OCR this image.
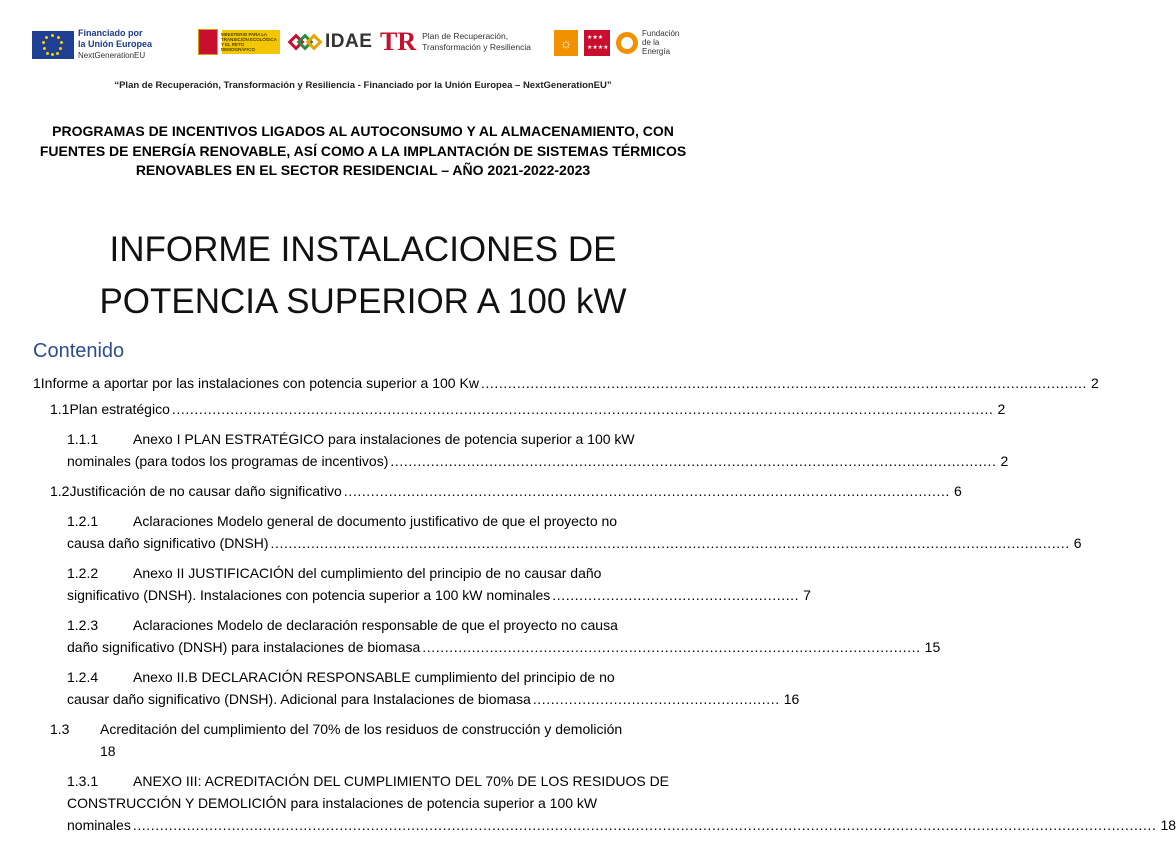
Financiado por
la Unión Europea
NextGenerationEU
MINISTERIO PARA LA TRANSICIÓN ECOLÓGICA Y EL RETO DEMOGRÁFICO	IDAE TR Plan de Recuperación,
Transformación y Resiliencia	☼	★★★
★★★★
Fundación
de la
Energía
“Plan de Recuperación, Transformación y Resiliencia - Financiado por la Unión Europea – NextGenerationEU”
PROGRAMAS DE INCENTIVOS LIGADOS AL AUTOCONSUMO Y AL ALMACENAMIENTO, CON
FUENTES DE ENERGÍA RENOVABLE, ASÍ COMO A LA IMPLANTACIÓN DE SISTEMAS TÉRMICOS
RENOVABLES EN EL SECTOR RESIDENCIAL – AÑO 2021-2022-2023
INFORME INSTALACIONES DE
POTENCIA SUPERIOR A 100 kW
Contenido
1 Informe a aportar por las instalaciones con potencia superior a 100 Kw ....................................................................................................................................... 2
1.1 Plan estratégico ....................................................................................................................................................................................... 2
1.1.1 Anexo I PLAN ESTRATÉGICO para instalaciones de potencia superior a 100 kW
nominales (para todos los programas de incentivos) ....................................................................................................................................... 2
1.2 Justificación de no causar daño significativo ....................................................................................................................................... 6
1.2.1 Aclaraciones Modelo general de documento justificativo de que el proyecto no
causa daño significativo (DNSH) .................................................................................................................................................................................. 6
1.2.2 Anexo II JUSTIFICACIÓN del cumplimiento del principio de no causar daño
significativo (DNSH). Instalaciones con potencia superior a 100 kW nominales ....................................................... 7
1.2.3 Aclaraciones Modelo de declaración responsable de que el proyecto no causa
daño significativo (DNSH) para instalaciones de biomasa ............................................................................................................... 15
1.2.4 Anexo II.B DECLARACIÓN RESPONSABLE cumplimiento del principio de no
causar daño significativo (DNSH). Adicional para Instalaciones de biomasa ....................................................... 16
1.3 Acreditación del cumplimiento del 70% de los residuos de construcción y demolición
18
1.3.1 ANEXO III: ACREDITACIÓN DEL CUMPLIMIENTO DEL 70% DE LOS RESIDUOS DE
CONSTRUCCIÓN Y DEMOLICIÓN para instalaciones de potencia superior a 100 kW
nominales .................................................................................................................................................................................................................................... 18
